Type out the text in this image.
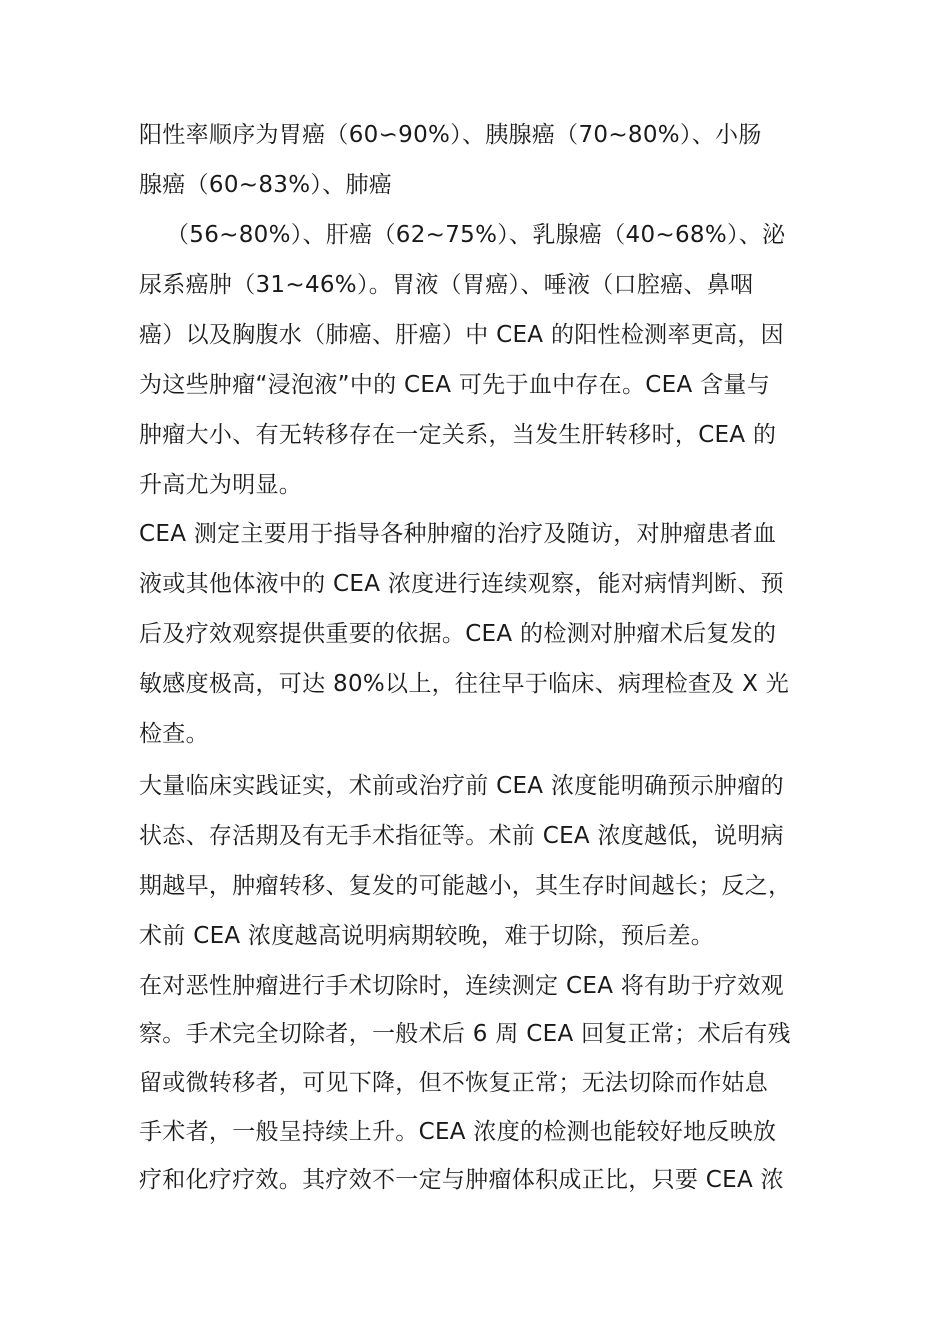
阳性率顺序为胃癌（60∽90%）、胰腺癌（70~80%）、小肠
腺癌（60~83%）、肺癌
（56~80%）、肝癌（62~75%）、乳腺癌（40~68%）、泌
尿系癌肿（31~46%）。胃液（胃癌）、唾液（口腔癌、鼻咽
癌）以及胸腹水（肺癌、肝癌）中 CEA 的阳性检测率更高，因
为这些肿瘤“浸泡液”中的 CEA 可先于血中存在。CEA 含量与
肿瘤大小、有无转移存在一定关系，当发生肝转移时，CEA 的
升高尤为明显。
CEA 测定主要用于指导各种肿瘤的治疗及随访，对肿瘤患者血
液或其他体液中的 CEA 浓度进行连续观察，能对病情判断、预
后及疗效观察提供重要的依据。CEA 的检测对肿瘤术后复发的
敏感度极高，可达 80%以上，往往早于临床、病理检查及 X 光
检查。
大量临床实践证实，术前或治疗前 CEA 浓度能明确预示肿瘤的
状态、存活期及有无手术指征等。术前 CEA 浓度越低，说明病
期越早，肿瘤转移、复发的可能越小，其生存时间越长；反之，
术前 CEA 浓度越高说明病期较晚，难于切除，预后差。
在对恶性肿瘤进行手术切除时，连续测定 CEA 将有助于疗效观
察。手术完全切除者，一般术后 6 周 CEA 回复正常；术后有残
留或微转移者，可见下降，但不恢复正常；无法切除而作姑息
手术者，一般呈持续上升。CEA 浓度的检测也能较好地反映放
疗和化疗疗效。其疗效不一定与肿瘤体积成正比，只要 CEA 浓
